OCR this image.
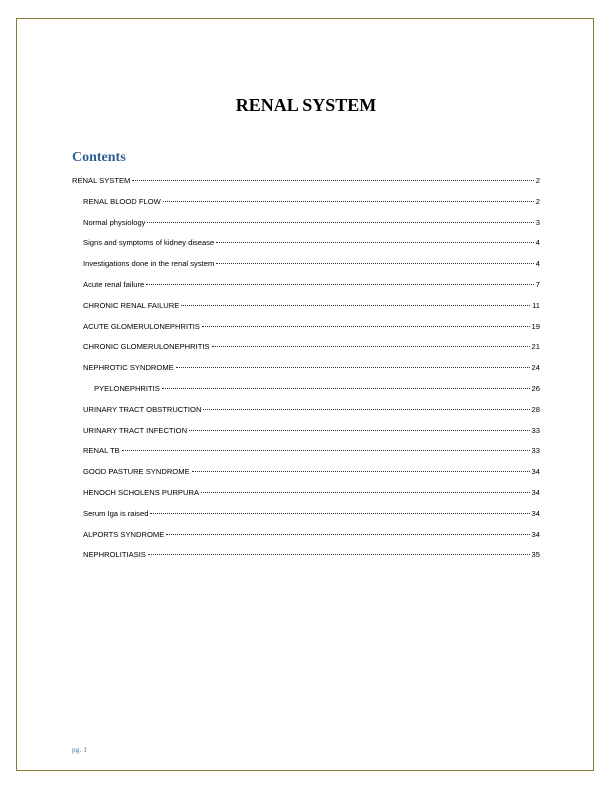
RENAL SYSTEM
Contents
RENAL SYSTEM	2
RENAL BLOOD FLOW	2
Normal physiology	3
Signs and symptoms of kidney disease	4
Investigations done in the renal system	4
Acute renal failure	7
CHRONIC RENAL FAILURE	11
ACUTE GLOMERULONEPHRITIS	19
CHRONIC GLOMERULONEPHRITIS	21
NEPHROTIC SYNDROME	24
PYELONEPHRITIS	26
URINARY TRACT OBSTRUCTION	28
URINARY TRACT INFECTION	33
RENAL TB	33
GOOD PASTURE SYNDROME	34
HENOCH SCHOLENS PURPURA	34
Serum Iga is raised	34
ALPORTS SYNDROME	34
NEPHROLITIASIS	35
pg. 1
